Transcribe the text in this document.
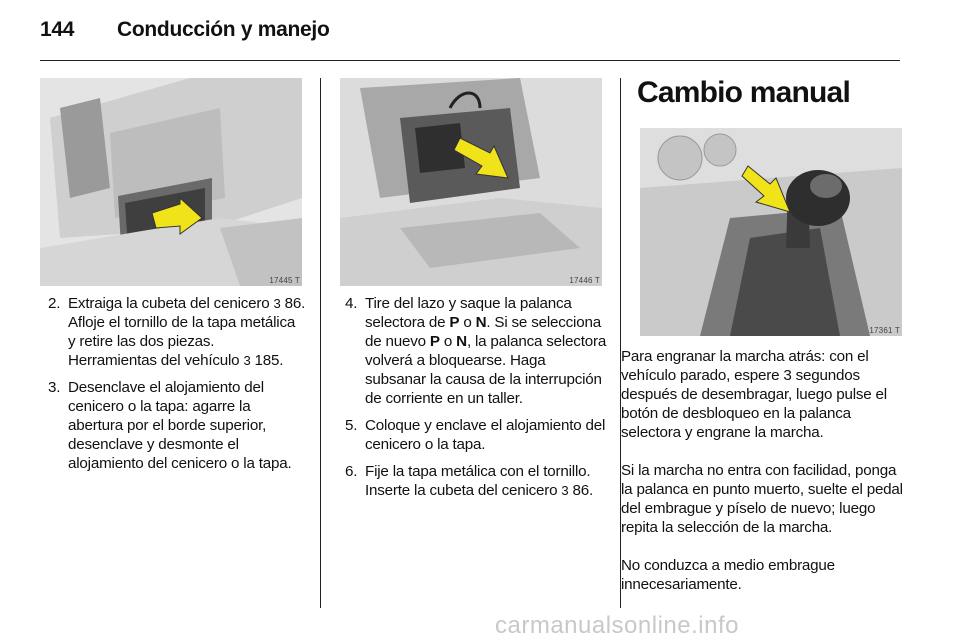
144 Conducción y manejo
17445 T	17446 T
17361 T
2. Extraiga la cubeta del cenicero 3 86. Afloje el tornillo de la tapa metálica y retire las dos piezas. Herramientas del vehículo 3 185.
3. Desenclave el alojamiento del cenicero o la tapa: agarre la abertura por el borde superior, desenclave y desmonte el alojamiento del cenicero o la tapa.
4. Tire del lazo y saque la palanca selectora de P o N. Si se selecciona de nuevo P o N, la palanca selectora volverá a bloquearse. Haga subsanar la causa de la interrupción de corriente en un taller.
5. Coloque y enclave el alojamiento del cenicero o la tapa.
6. Fije la tapa metálica con el tornillo. Inserte la cubeta del cenicero 3 86.
Cambio manual

Para engranar la marcha atrás: con el vehículo parado, espere 3 segundos después de desembragar, luego pulse el botón de desbloqueo en la palanca selectora y engrane la marcha.

Si la marcha no entra con facilidad, ponga la palanca en punto muerto, suelte el pedal del embrague y píselo de nuevo; luego repita la selección de la marcha.

No conduzca a medio embrague innecesariamente.

carmanualsonline.info
